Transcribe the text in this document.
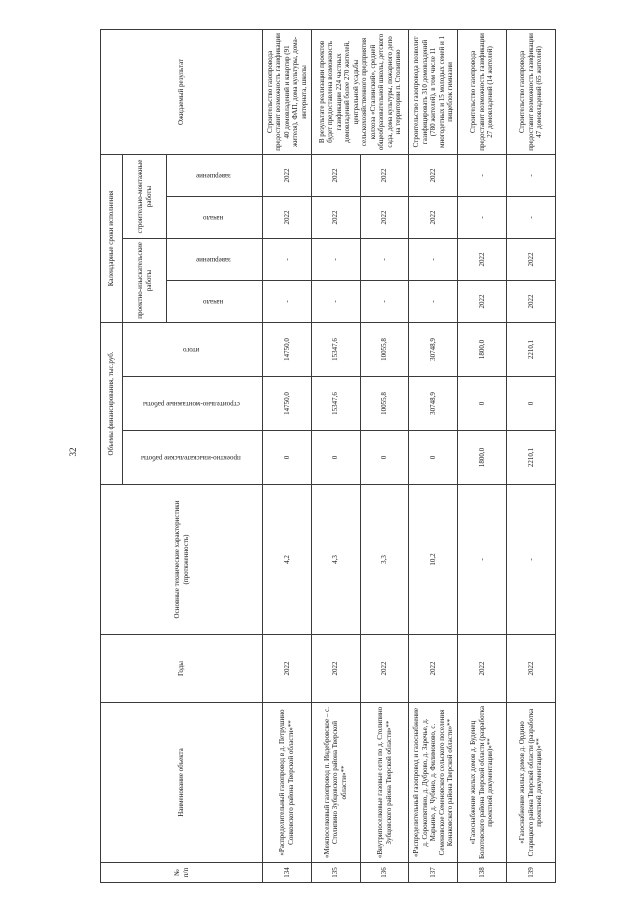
32
№ п/п	Наименование объекта	Годы	Основные технические характеристики (протяженность)	Объемы финансирования, тыс.руб.			Календарные сроки исполнения				Ожидаемый результат
				проектно-изыскательские работы	строительно-монтажные работы	итого	проектно-изыскательские работы		строительно-монтажные работы		
							начало	завершение	начало	завершение	
134	«Распределительный газопровод в д. Петрушино Сонковского района Тверской области»**	2022	4,2	0	14750,0	14750,0	-	-	2022	2022	Строительство газопровода предоставит возможность газификации 40 домовладений и квартир (91 жителя), ФАП, дома культуры, дома-интерната, школы
135	«Межпоселковый газопровод п. Индебровское – с. Столипино Зубцовского района Тверской области»**	2022	4,3	0	15347,6	15347,6	-	-	2022	2022	В результате реализации проектов будет предоставлена возможность газификации 224 частных домовладений более 270 жителей, центральной усадьбы сельскохозяйственного предприятия колхоза «Сталинский», средней общеобразовательной школы, детского сада, дома культуры, пожарного депо на территории п. Столипино
136	«Внутрипоселковые газовые сети по д. Столипино Зубцовского района Тверской области»**	2022	3,3	0	10055,8	10055,8	-	-	2022	2022	
137	«Распределительный газопровод и газоснабжение д. Сорокопятино, д. Дуброво, д. Заречье, д. Марьино, д. Чубино, д. Филимоново, с. Семеновское Семеновского сельского поселения Конаковского района Тверской области»**	2022	10,2	0	30748,9	30748,9	-	-	2022	2022	Строительство газопровода позволит газифицировать 310 домовладений (780 жителей), в том числе 11 многодетных и 15 молодых семей и 1 пищеблок гимназии
138	«Газоснабжение жилых домов д. Буденец Болотовского района Тверской области (разработка проектной документации)»**	2022	-	1800,0	0	1800,0	2022	2022	-	-	Строительство газопровода предоставит возможность газификации 27 домовладений (14 жителей)
139	«Газоснабжение жилых домов д. Ордино Старицкого района Тверской области (разработка проектной документации)»**	2022	-	2210,1	0	2210,1	2022	2022	-	-	Строительство газопровода предоставит возможность газификации 47 домовладений (65 жителей)
